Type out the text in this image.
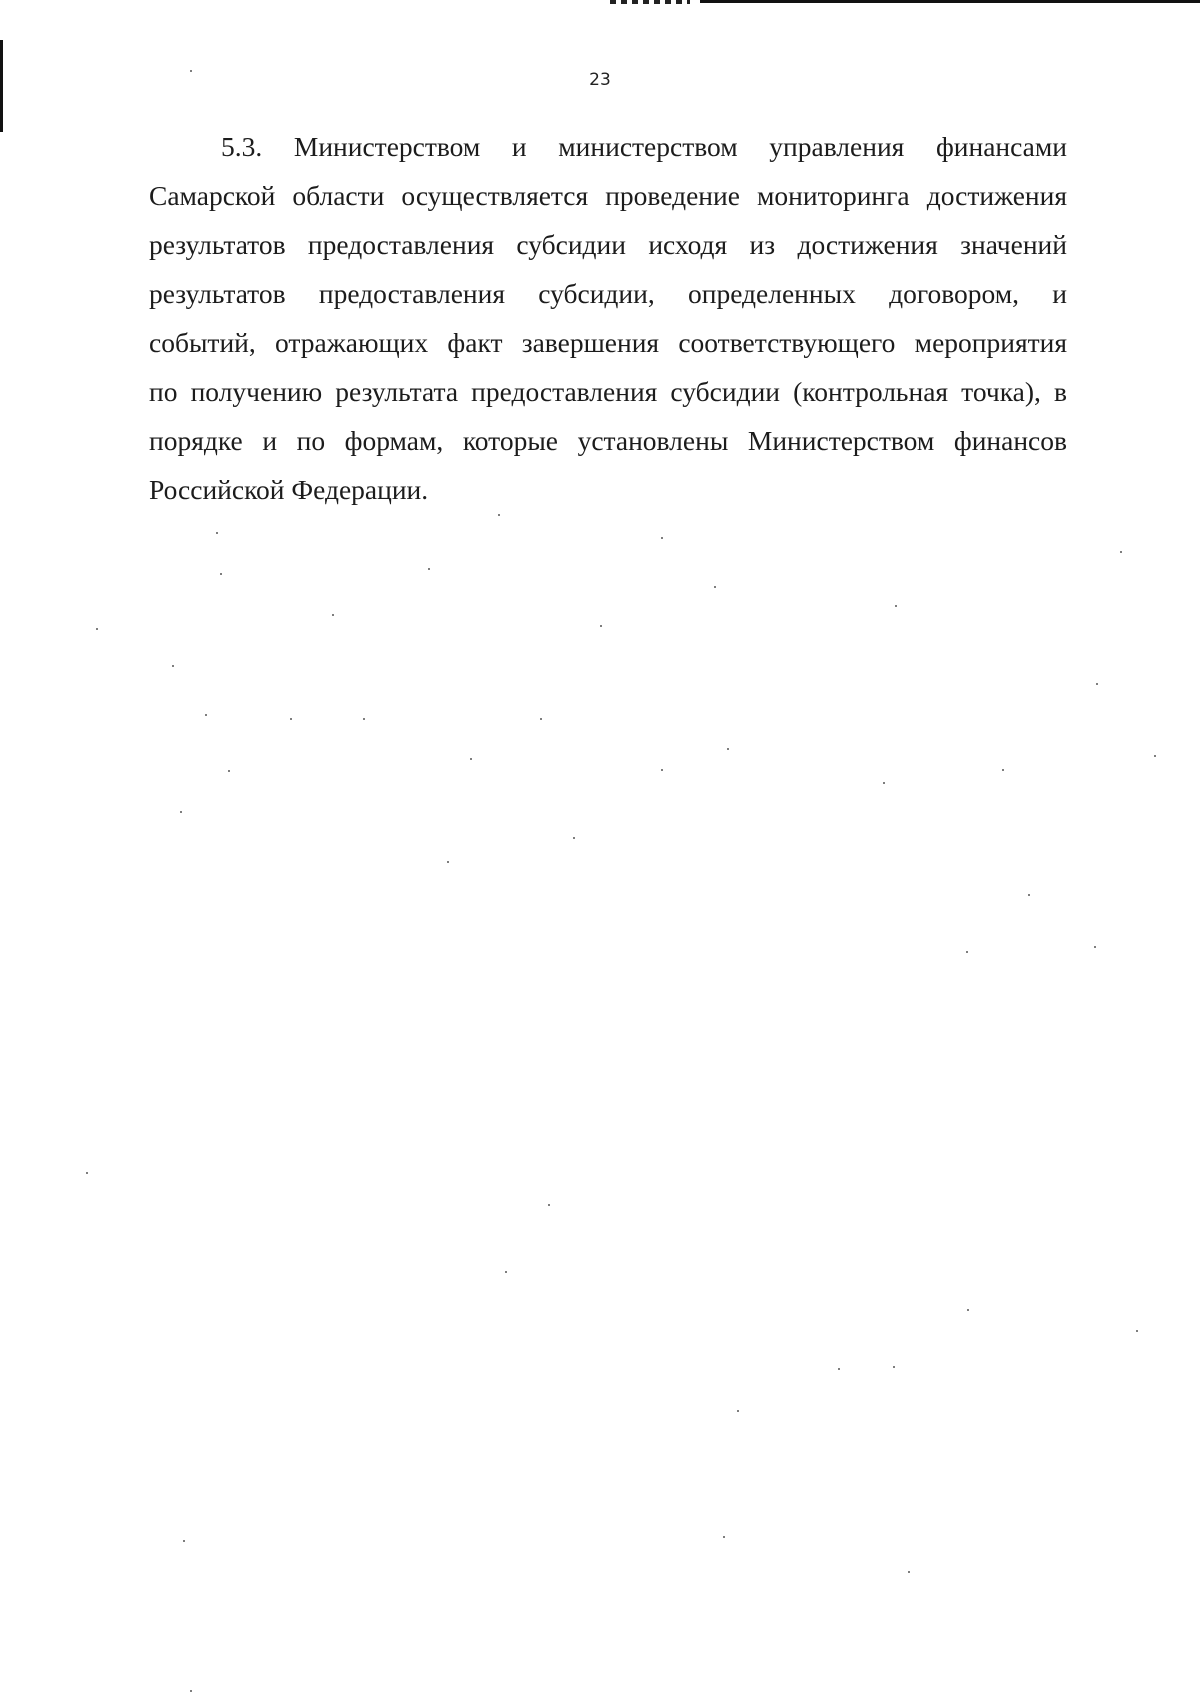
23
5.3. Министерством и министерством управления финансами
Самарской области осуществляется проведение мониторинга достижения
результатов предоставления субсидии исходя из достижения значений
результатов предоставления субсидии, определенных договором, и
событий, отражающих факт завершения соответствующего мероприятия
по получению результата предоставления субсидии (контрольная точка), в
порядке и по формам, которые установлены Министерством финансов
Российской Федерации.
